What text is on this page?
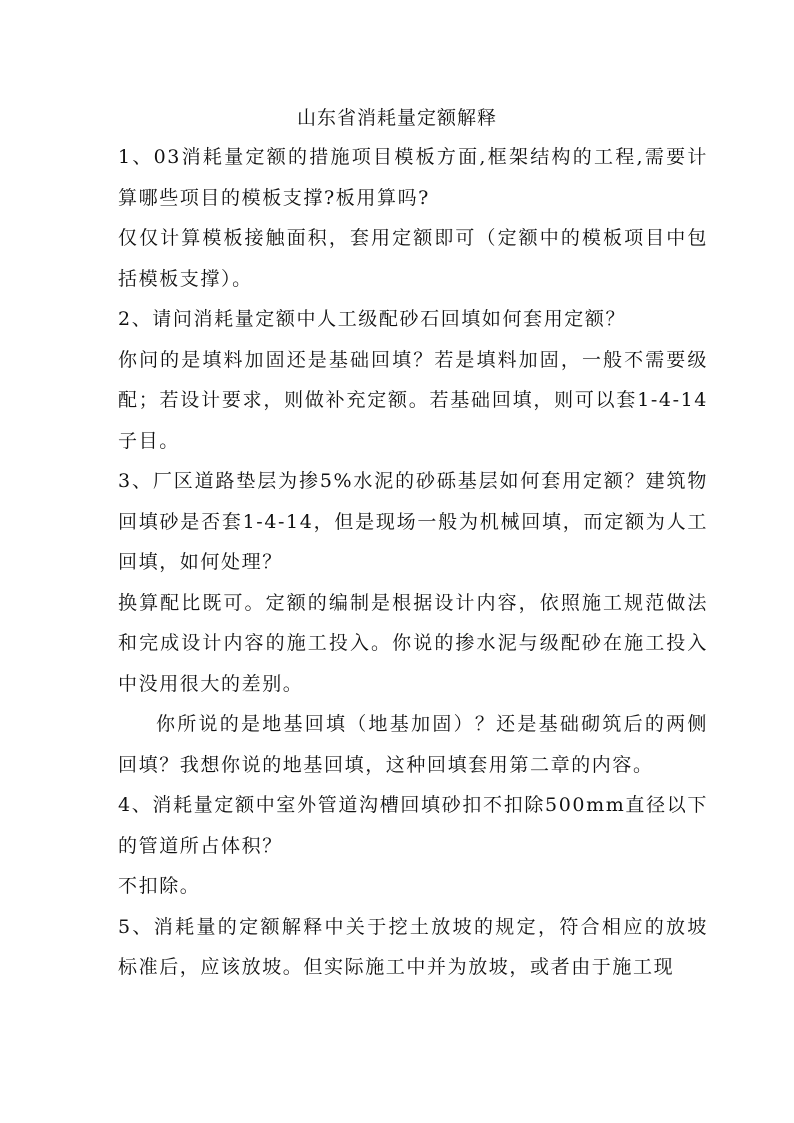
山东省消耗量定额解释

1、03消耗量定额的措施项目模板方面,框架结构的工程,需要计算哪些项目的模板支撑?板用算吗?

仅仅计算模板接触面积，套用定额即可（定额中的模板项目中包括模板支撑）。

2、请问消耗量定额中人工级配砂石回填如何套用定额？

你问的是填料加固还是基础回填？若是填料加固，一般不需要级配；若设计要求，则做补充定额。若基础回填，则可以套1-4-14子目。

3、厂区道路垫层为掺5%水泥的砂砾基层如何套用定额？建筑物回填砂是否套1-4-14，但是现场一般为机械回填，而定额为人工回填，如何处理？

换算配比既可。定额的编制是根据设计内容，依照施工规范做法和完成设计内容的施工投入。你说的掺水泥与级配砂在施工投入中没用很大的差别。

你所说的是地基回填（地基加固）？还是基础砌筑后的两侧回填？我想你说的地基回填，这种回填套用第二章的内容。

4、消耗量定额中室外管道沟槽回填砂扣不扣除500mm直径以下的管道所占体积？

不扣除。

5、消耗量的定额解释中关于挖土放坡的规定，符合相应的放坡标准后，应该放坡。但实际施工中并为放坡，或者由于施工现
